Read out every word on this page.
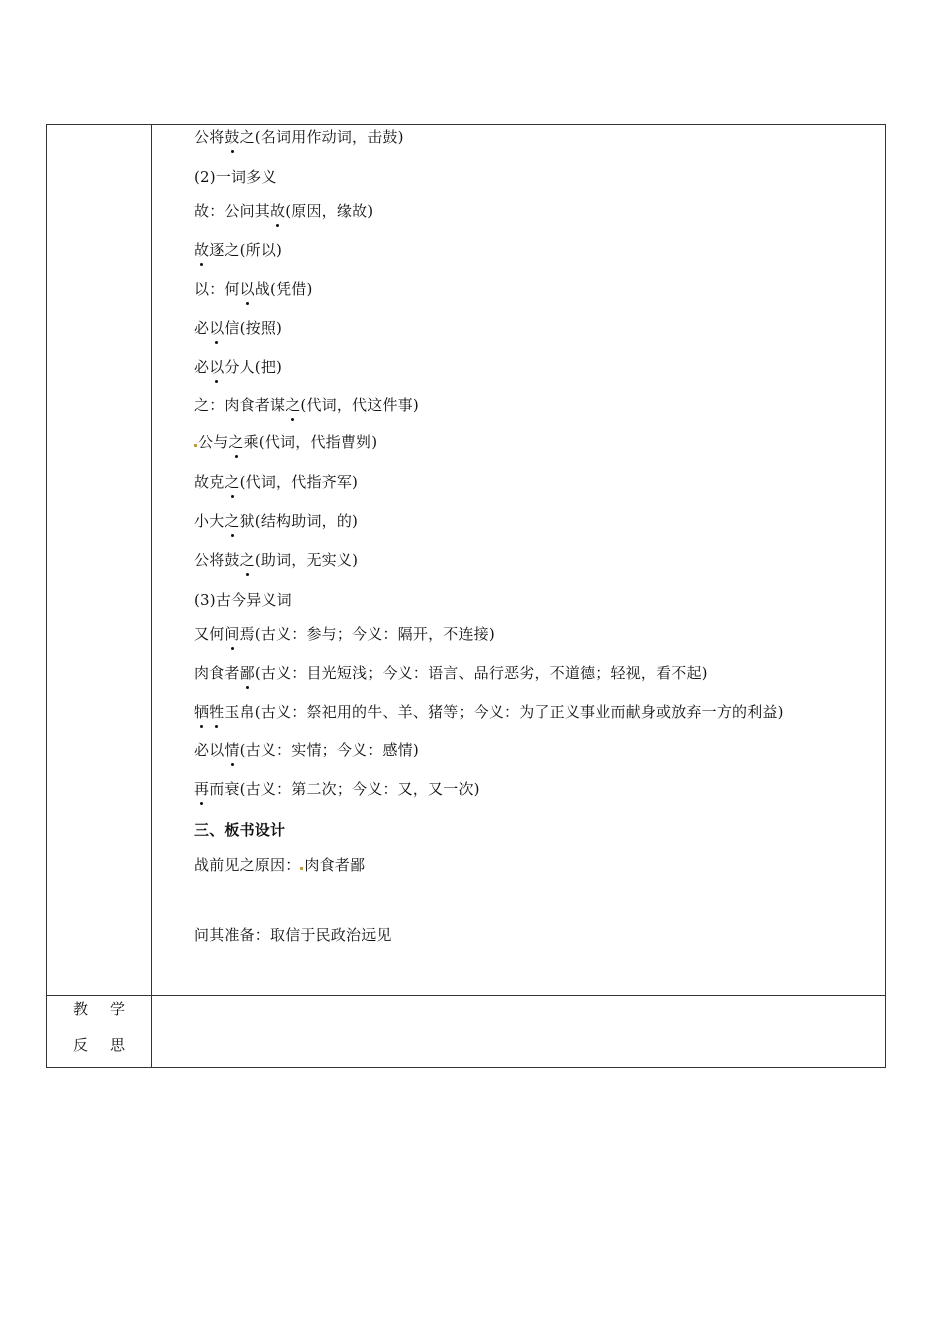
公将鼓之(名词用作动词，击鼓)
(2)一词多义
故：公问其故(原因，缘故)
故逐之(所以)
以：何以战(凭借)
必以信(按照)
必以分人(把)
之：肉食者谋之(代词，代这件事)
公与之乘(代词，代指曹刿)
故克之(代词，代指齐军)
小大之狱(结构助词，的)
公将鼓之(助词，无实义)
(3)古今异义词
又何间焉(古义：参与；今义：隔开，不连接)
肉食者鄙(古义：目光短浅；今义：语言、品行恶劣，不道德；轻视，看不起)
牺牲玉帛(古义：祭祀用的牛、羊、猪等；今义：为了正义事业而献身或放弃一方的利益)
必以情(古义：实情；今义：感情)
再而衰(古义：第二次；今义：又，又一次)
三、板书设计
战前见之原因： 肉食者鄙
问其准备：取信于民政治远见
教学
反思
